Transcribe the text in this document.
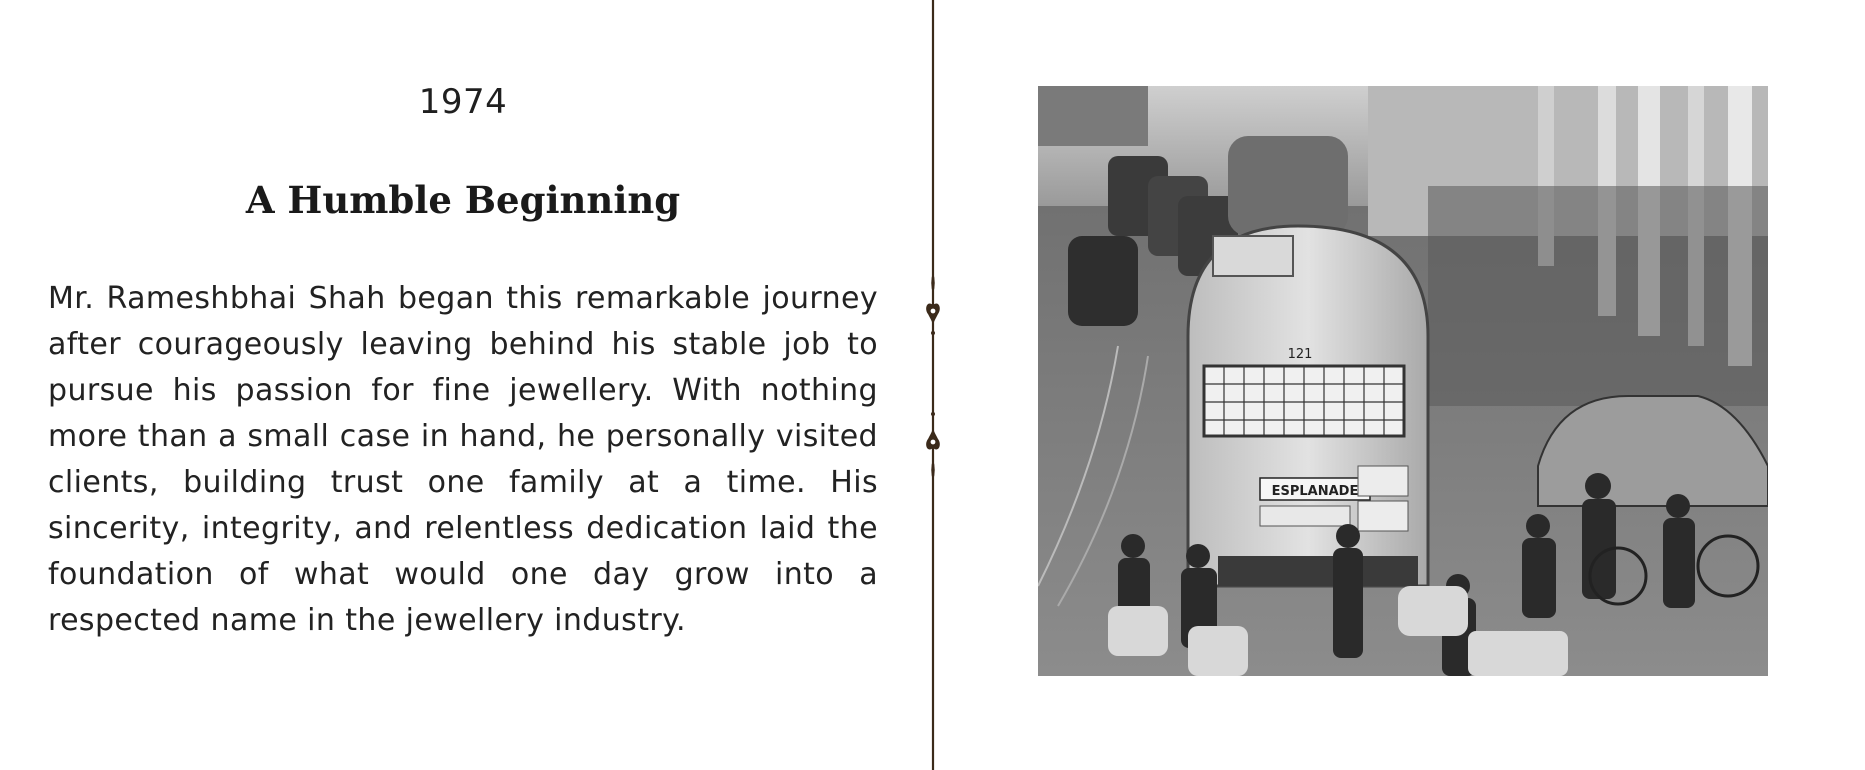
1974
A Humble Beginning
Mr. Rameshbhai Shah began this remarkable journey after courageously leaving behind his stable job to pursue his passion for fine jewellery. With nothing more than a small case in hand, he personally visited clients, building trust one family at a time. His sincerity, integrity, and relentless dedication laid the foundation of what would one day grow into a respected name in the jewellery industry.
121
ESPLANADE
